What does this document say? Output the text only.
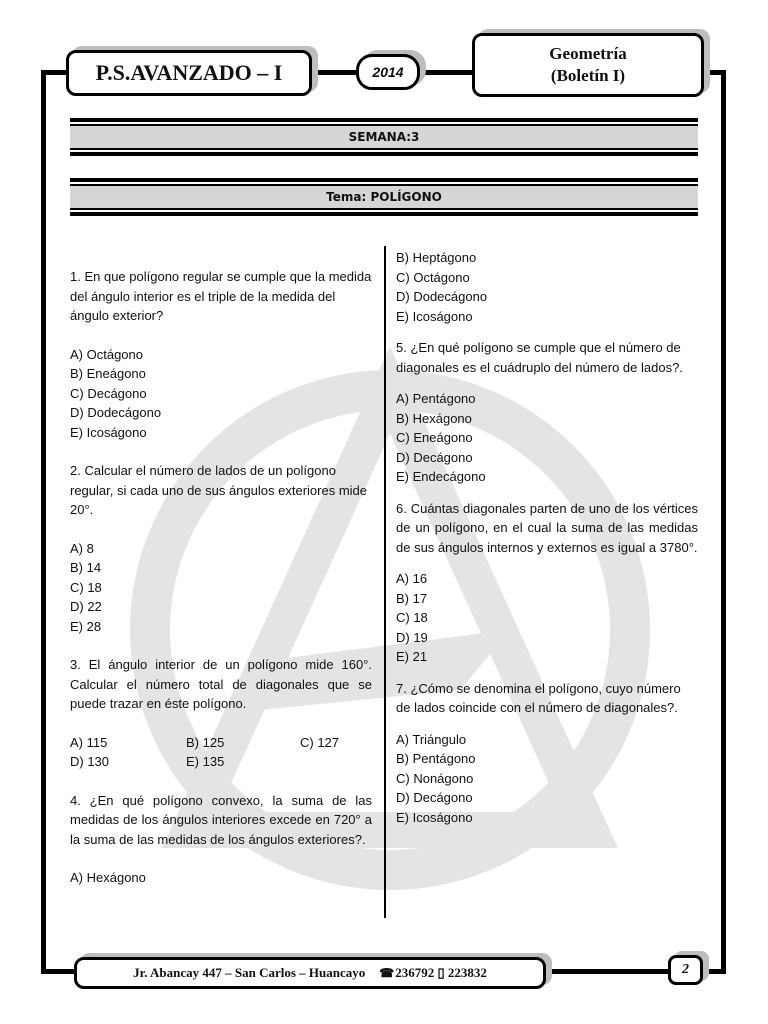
P.S.AVANZADO – I	2014
Geometría
(Boletín I)
SEMANA:3
Tema: POLÍGONO

1. En que polígono regular se cumple que la medida del ángulo interior es el triple de la medida del ángulo exterior?

A) Octágono

B) Eneágono

C) Decágono

D) Dodecágono

E) Icoságono

2. Calcular el número de lados de un polígono regular, si cada uno de sus ángulos exteriores mide 20°.

A) 8

B) 14

C) 18

D) 22

E) 28

3. El ángulo interior de un polígono mide 160°. Calcular el número total de diagonales que se puede trazar en éste polígono.

A) 115	B) 125	C) 127
D) 130	E) 135

4. ¿En qué polígono convexo, la suma de las medidas de los ángulos interiores excede en 720° a la suma de las medidas de los ángulos exteriores?.

A) Hexágono

B) Heptágono

C) Octágono

D) Dodecágono

E) Icoságono

5. ¿En qué polígono se cumple que el número de diagonales es el cuádruplo del número de lados?.

A) Pentágono

B) Hexágono

C) Eneágono

D) Decágono

E) Endecágono

6. Cuántas diagonales parten de uno de los vértices de un polígono, en el cual la suma de las medidas de sus ángulos internos y externos es igual a 3780°.

A) 16

B) 17

C) 18

D) 19

E) 21

7. ¿Cómo se denomina el polígono, cuyo número de lados coincide con el número de diagonales?.

A) Triángulo

B) Pentágono

C) Nonágono

D) Decágono

E) Icoságono

Jr. Abancay 447 – San Carlos – Huancayo ☎ 236792 ▯ 223832	2
